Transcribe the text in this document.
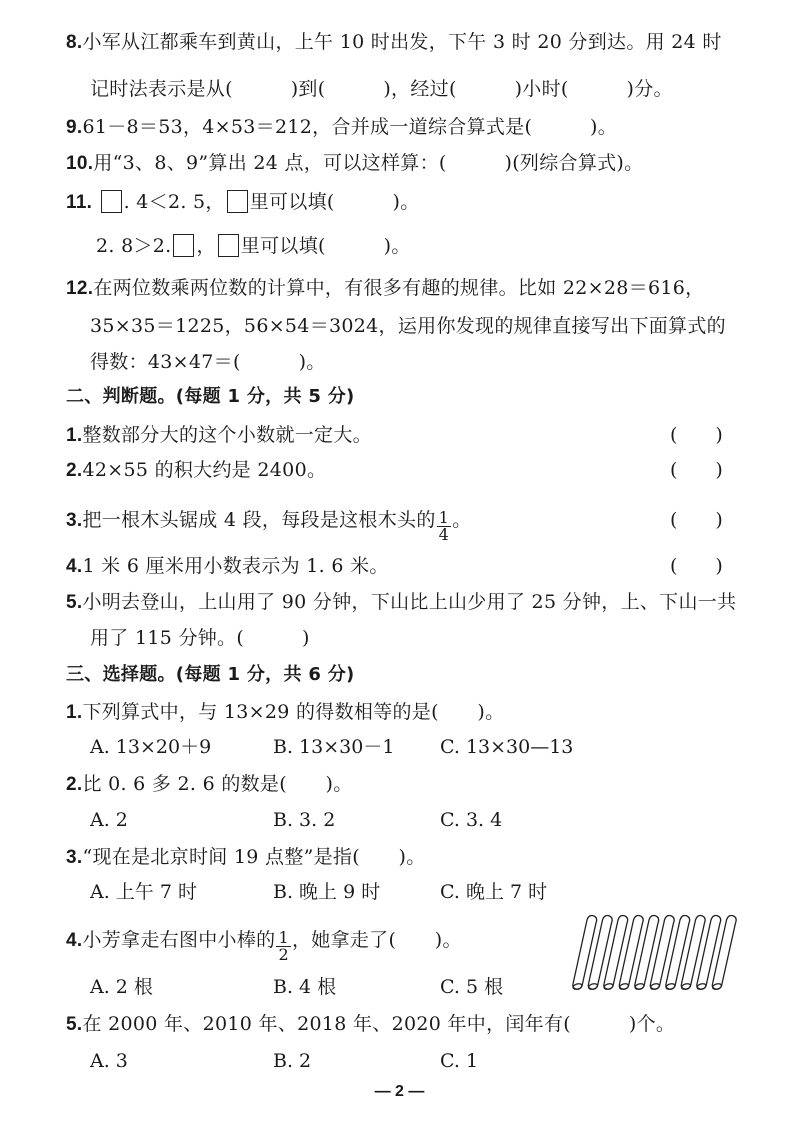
8.小军从江都乘车到黄山，上午 10 时出发，下午 3 时 20 分到达。用 24 时
记时法表示是从(　　　)到(　　　)，经过(　　　)小时(　　　)分。
9.61－8＝53，4×53＝212，合并成一道综合算式是(　　　)。
10.用“3、8、9”算出 24 点，可以这样算：(　　　)(列综合算式)。
11. . 4＜2. 5， 里可以填(　　　)。
2. 8＞2. ， 里可以填(　　　)。
12.在两位数乘两位数的计算中，有很多有趣的规律。比如 22×28＝616，
35×35＝1225，56×54＝3024，运用你发现的规律直接写出下面算式的
得数：43×47＝(　　　)。
二、判断题。(每题 1 分，共 5 分)
1.整数部分大的这个小数就一定大。	(　　)
2.42×55 的积大约是 2400。	(　　)
3.把一根木头锯成 4 段，每段是这根木头的 $\frac{1}{4}$ 。	(　　)
4.1 米 6 厘米用小数表示为 1. 6 米。	(　　)
5.小明去登山，上山用了 90 分钟，下山比上山少用了 25 分钟，上、下山一共
用了 115 分钟。(　　　)
三、选择题。(每题 1 分，共 6 分)
1.下列算式中，与 13×29 的得数相等的是(　　)。
A. 13×20＋9	B. 13×30－1 C. 13×30—13
2.比 0. 6 多 2. 6 的数是(　　)。
A. 2	B. 3. 2	C. 3. 4
3.“现在是北京时间 19 点整”是指(　　)。
A. 上午 7 时	B. 晚上 9 时	C. 晚上 7 时
4.小芳拿走右图中小棒的 $\frac{1}{2}$ ，她拿走了(　　)。
A. 2 根	B. 4 根	C. 5 根
5.在 2000 年、2010 年、2018 年、2020 年中，闰年有(　　　)个。
A. 3	B. 2	C. 1
— 2 —
